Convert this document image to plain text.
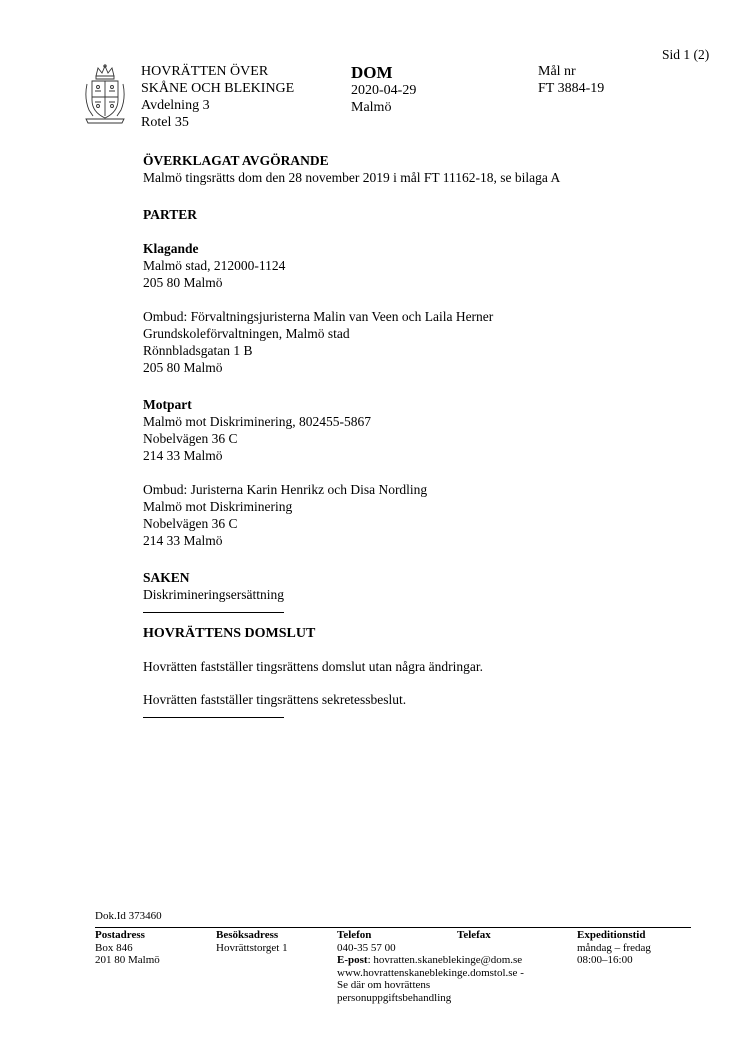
Sid 1 (2)
HOVRÄTTEN ÖVER
SKÅNE OCH BLEKINGE
Avdelning 3
Rotel 35
DOM
2020-04-29
Malmö
Mål nr
FT 3884-19
ÖVERKLAGAT AVGÖRANDE
Malmö tingsrätts dom den 28 november 2019 i mål FT 11162-18, se bilaga A
PARTER
Klagande
Malmö stad, 212000-1124
205 80 Malmö
Ombud: Förvaltningsjuristerna Malin van Veen och Laila Herner
Grundskoleförvaltningen, Malmö stad
Rönnbladsgatan 1 B
205 80 Malmö
Motpart
Malmö mot Diskriminering, 802455-5867
Nobelvägen 36 C
214 33 Malmö
Ombud: Juristerna Karin Henrikz och Disa Nordling
Malmö mot Diskriminering
Nobelvägen 36 C
214 33 Malmö
SAKEN
Diskrimineringsersättning
HOVRÄTTENS DOMSLUT
Hovrätten fastställer tingsrättens domslut utan några ändringar.
Hovrätten fastställer tingsrättens sekretessbeslut.
Dok.Id 373460
Postadress
Box 846
201 80 Malmö
Besöksadress
Hovrättstorget 1
Telefon
040-35 57 00
E-post: hovratten.skaneblekinge@dom.se
www.hovrattenskaneblekinge.domstol.se -
Se där om hovrättens
personuppgiftsbehandling
Telefax	Expeditionstid
måndag – fredag
08:00–16:00
